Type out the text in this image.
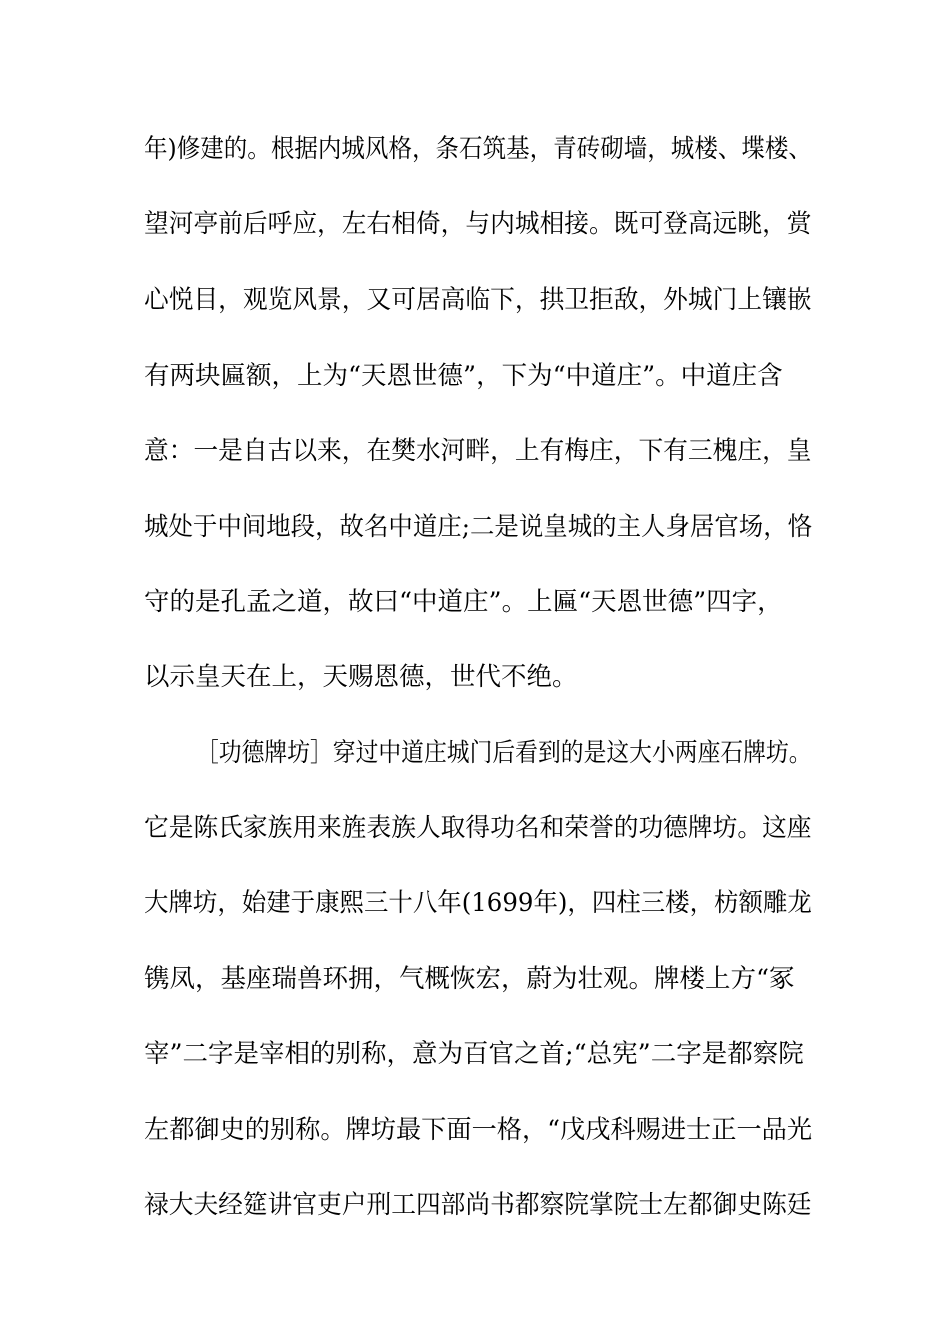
年)修建的。根据内城风格，条石筑基，青砖砌墙，城楼、堞楼、
望河亭前后呼应，左右相倚，与内城相接。既可登高远眺，赏
心悦目，观览风景，又可居高临下，拱卫拒敌，外城门上镶嵌
有两块匾额，上为“天恩世德”，下为“中道庄”。中道庄含
意：一是自古以来，在樊水河畔，上有梅庄，下有三槐庄，皇
城处于中间地段，故名中道庄;二是说皇城的主人身居官场，恪
守的是孔孟之道，故曰“中道庄”。上匾“天恩世德”四字，
以示皇天在上，天赐恩德，世代不绝。
［功德牌坊］穿过中道庄城门后看到的是这大小两座石牌坊。
它是陈氏家族用来旌表族人取得功名和荣誉的功德牌坊。这座
大牌坊，始建于康熙三十八年(1699年)，四柱三楼，枋额雕龙
镌凤，基座瑞兽环拥，气概恢宏，蔚为壮观。牌楼上方“冢
宰”二字是宰相的别称，意为百官之首;“总宪”二字是都察院
左都御史的别称。牌坊最下面一格，“戊戌科赐进士正一品光
禄大夫经筵讲官吏户刑工四部尚书都察院掌院士左都御史陈廷
